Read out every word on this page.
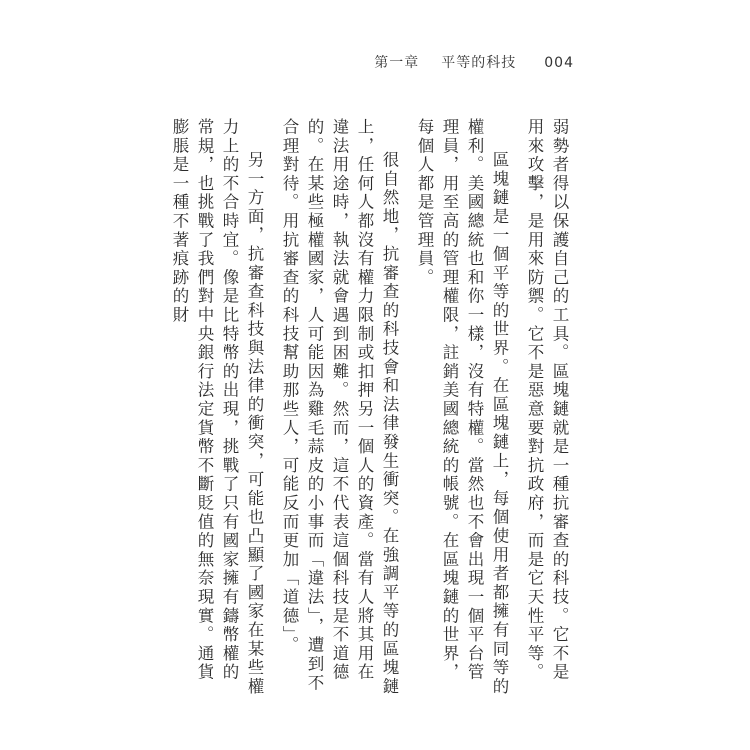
第一章 平等的科技 004

弱勢者得以保護自己的工具。區塊鏈就是一種抗審查的科技。它不是用來攻擊，是用來防禦。它不是惡意要對抗政府，而是它天性平等。

區塊鏈是一個平等的世界。在區塊鏈上，每個使用者都擁有同等的權利。美國總統也和你一樣，沒有特權。當然也不會出現一個平台管理員，用至高的管理權限，註銷美國總統的帳號。在區塊鏈的世界，每個人都是管理員。

很自然地，抗審查的科技會和法律發生衝突。在強調平等的區塊鏈上，任何人都沒有權力限制或扣押另一個人的資產。當有人將其用在違法用途時，執法就會遇到困難。然而，這不代表這個科技是不道德的。在某些極權國家，人可能因為雞毛蒜皮的小事而「違法」，遭到不合理對待。用抗審查的科技幫助那些人，可能反而更加「道德」。

另一方面，抗審查科技與法律的衝突，可能也凸顯了國家在某些權力上的不合時宜。像是比特幣的出現，挑戰了只有國家擁有鑄幣權的常規，也挑戰了我們對中央銀行法定貨幣不斷貶值的無奈現實。通貨膨脹是一種不著痕跡的財
